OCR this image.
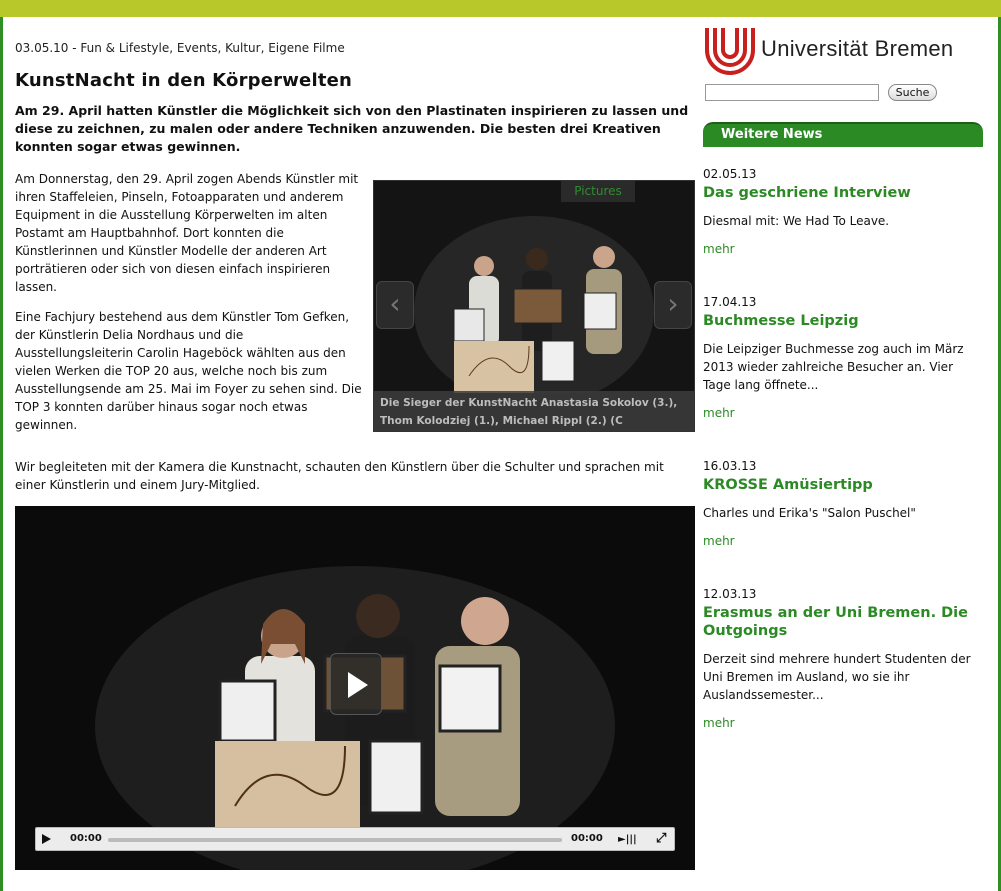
03.05.10 - Fun & Lifestyle, Events, Kultur, Eigene Filme
KunstNacht in den Körperwelten

Am 29. April hatten Künstler die Möglichkeit sich von den Plastinaten inspirieren zu lassen und diese zu zeichnen, zu malen oder andere Techniken anzuwenden. Die besten drei Kreativen konnten sogar etwas gewinnen.

Am Donnerstag, den 29. April zogen Abends Künstler mit ihren Staffeleien, Pinseln, Fotoapparaten und anderem Equipment in die Ausstellung Körperwelten im alten Postamt am Hauptbahnhof. Dort konnten die Künstlerinnen und Künstler Modelle der anderen Art porträtieren oder sich von diesen einfach inspirieren lassen.

Eine Fachjury bestehend aus dem Künstler Tom Gefken, der Künstlerin Delia Nordhaus und die Ausstellungsleiterin Carolin Hageböck wählten aus den vielen Werken die TOP 20 aus, welche noch bis zum Ausstellungsende am 25. Mai im Foyer zu sehen sind. Die TOP 3 konnten darüber hinaus sogar noch etwas gewinnen.

Pictures
‹	›
Die Sieger der KunstNacht Anastasia Sokolov (3.), Thom Kolodziej (1.), Michael Rippl (2.) (C

Wir begleiteten mit der Kamera die Kunstnacht, schauten den Künstlern über die Schulter und sprachen mit einer Künstlerin und einem Jury-Mitglied.

00:00	00:00 ►||| ⤢
Universität Bremen
Suche
Weitere News
02.05.13
Das geschriene Interview
Diesmal mit: We Had To Leave.
mehr
17.04.13
Buchmesse Leipzig
Die Leipziger Buchmesse zog auch im März 2013 wieder zahlreiche Besucher an. Vier Tage lang öffnete...
mehr
16.03.13
KROSSE Amüsiertipp
Charles und Erika's "Salon Puschel"
mehr
12.03.13
Erasmus an der Uni Bremen. Die Outgoings
Derzeit sind mehrere hundert Studenten der Uni Bremen im Ausland, wo sie ihr Auslandssemester...
mehr
